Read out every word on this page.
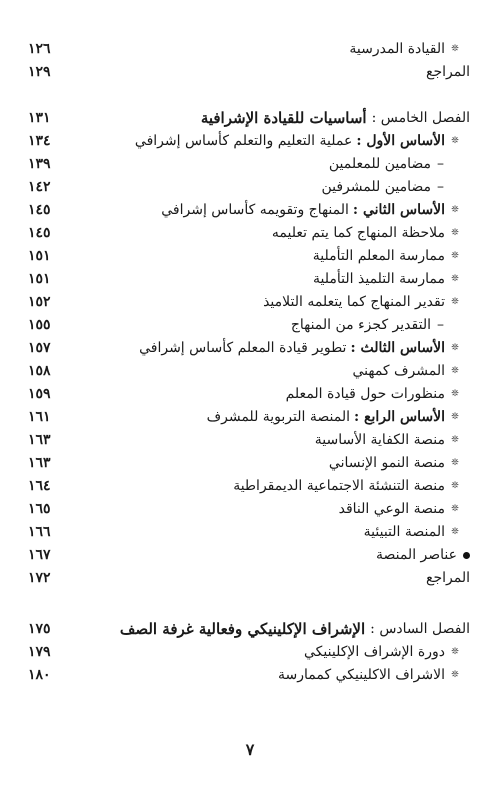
❊
القيادة المدرسية
١٢٦
المراجع
١٢٩
الفصل الخامس :
أساسيات للقيادة الإشرافية
١٣١
❊
الأساس الأول :
عملية التعليم والتعلم كأساس إشرافي
١٣٤
–
مضامين للمعلمين
١٣٩
–
مضامين للمشرفين
١٤٢
❊
الأساس الثاني :
المنهاج وتقويمه كأساس إشرافي
١٤٥
❊
ملاحظة المنهاج كما يتم تعليمه
١٤٥
❊
ممارسة المعلم التأملية
١٥١
❊
ممارسة التلميذ التأملية
١٥١
❊
تقدير المنهاج كما يتعلمه التلاميذ
١٥٢
–
التقدير كجزء من المنهاج
١٥٥
❊
الأساس الثالث :
تطوير قيادة المعلم كأساس إشرافي
١٥٧
❊
المشرف كمهني
١٥٨
❊
منظورات حول قيادة المعلم
١٥٩
❊
الأساس الرابع :
المنصة التربوية للمشرف
١٦١
❊
منصة الكفاية الأساسية
١٦٣
❊
منصة النمو الإنساني
١٦٣
❊
منصة التنشئة الاجتماعية الديمقراطية
١٦٤
❊
منصة الوعي الناقد
١٦٥
❊
المنصة التبيئية
١٦٦
عناصر المنصة
١٦٧
المراجع
١٧٢
الفصل السادس :
الإشراف الإكلينيكي وفعالية غرفة الصف
١٧٥
❊
دورة الإشراف الإكلينيكي
١٧٩
❊
الاشراف الاكلينيكي كممارسة
١٨٠
٧
